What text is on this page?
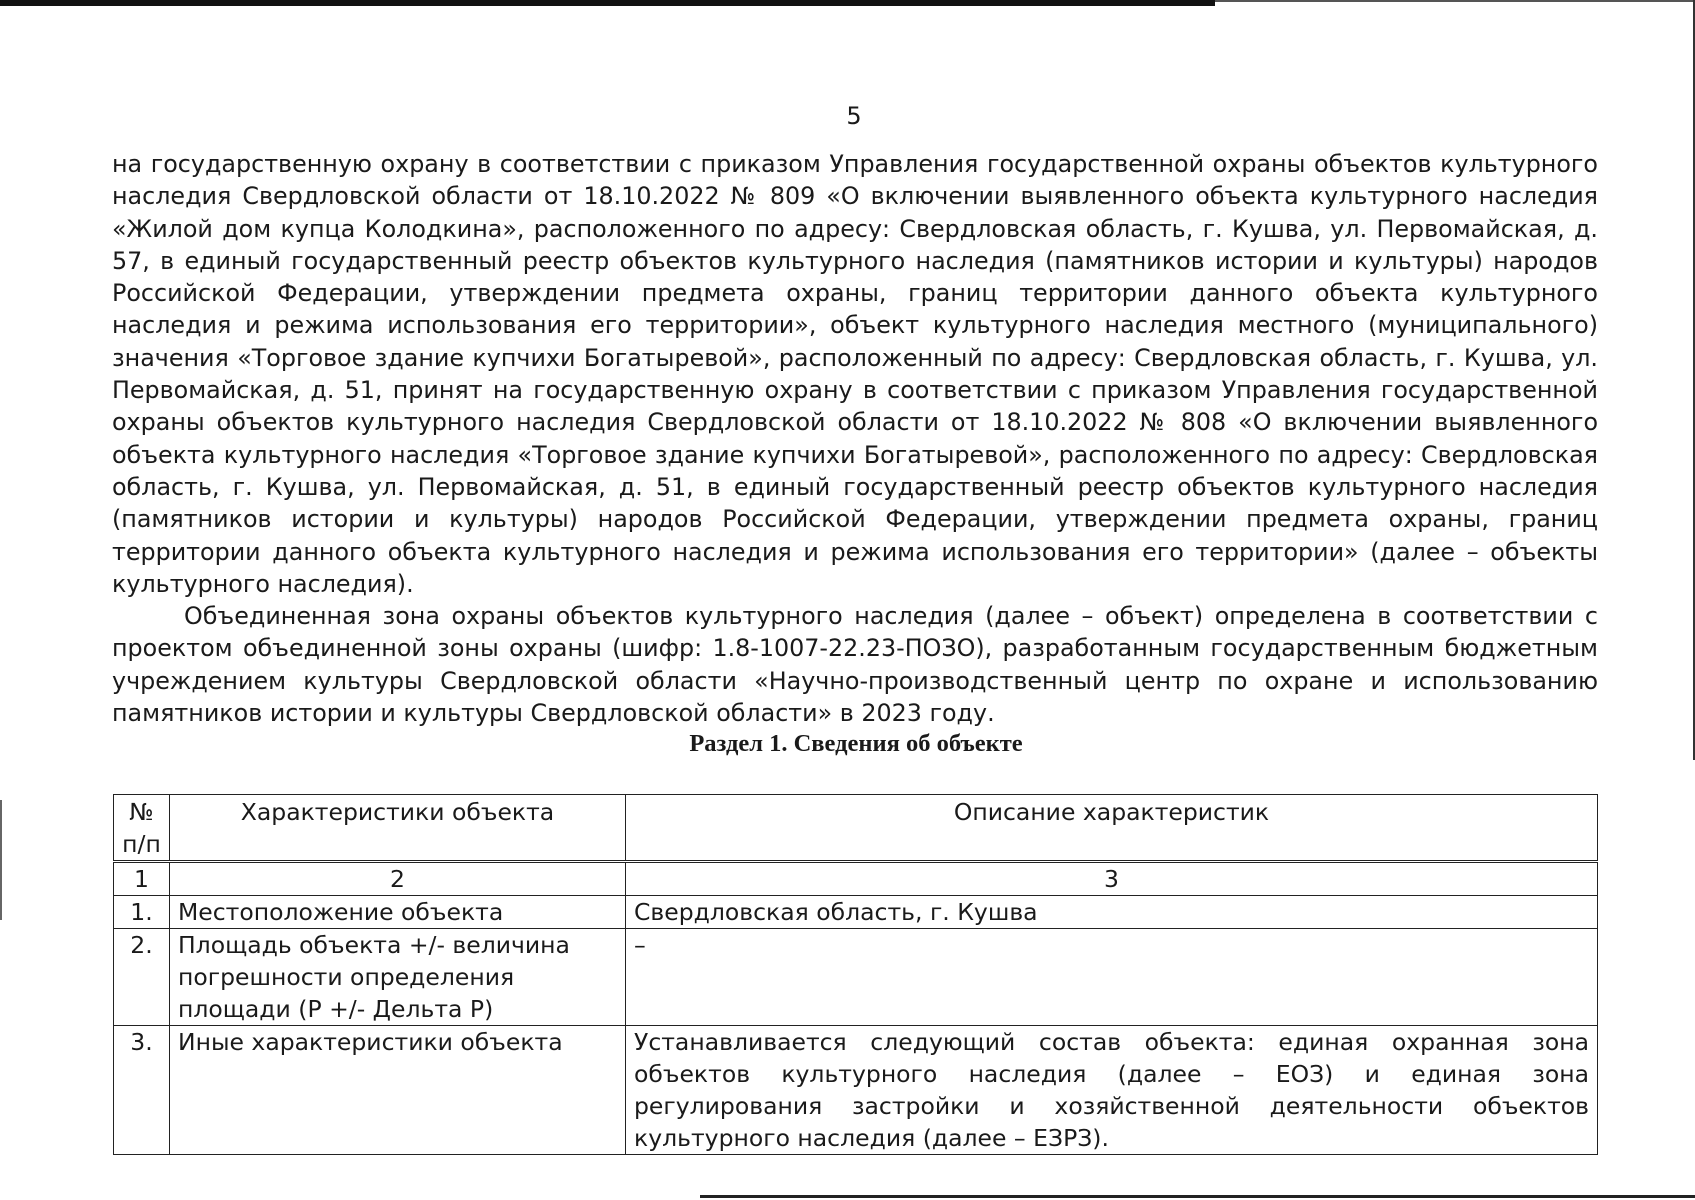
5

на государственную охрану в соответствии с приказом Управления государственной охраны объектов культурного наследия Свердловской области от 18.10.2022 № 809 «О включении выявленного объекта культурного наследия «Жилой дом купца Колодкина», расположенного по адресу: Свердловская область, г. Кушва, ул. Первомайская, д. 57, в единый государственный реестр объектов культурного наследия (памятников истории и культуры) народов Российской Федерации, утверждении предмета охраны, границ территории данного объекта культурного наследия и режима использования его территории», объект культурного наследия местного (муниципального) значения «Торговое здание купчихи Богатыревой», расположенный по адресу: Свердловская область, г. Кушва, ул. Первомайская, д. 51, принят на государственную охрану в соответствии с приказом Управления государственной охраны объектов культурного наследия Свердловской области от 18.10.2022 № 808 «О включении выявленного объекта культурного наследия «Торговое здание купчихи Богатыревой», расположенного по адресу: Свердловская область, г. Кушва, ул. Первомайская, д. 51, в единый государственный реестр объектов культурного наследия (памятников истории и культуры) народов Российской Федерации, утверждении предмета охраны, границ территории данного объекта культурного наследия и режима использования его территории» (далее – объекты культурного наследия).

Объединенная зона охраны объектов культурного наследия (далее – объект) определена в соответствии с проектом объединенной зоны охраны (шифр: 1.8-1007-22.23-ПОЗО), разработанным государственным бюджетным учреждением культуры Свердловской области «Научно-производственный центр по охране и использованию памятников истории и культуры Свердловской области» в 2023 году.

Раздел 1. Сведения об объекте
№ п/п	Характеристики объекта	Описание характеристик
1	2	3
1.	Местоположение объекта	Свердловская область, г. Кушва
2.	Площадь объекта +/- величина погрешности определения площади (Р +/- Дельта Р)	–
3.	Иные характеристики объекта	Устанавливается следующий состав объекта: единая охранная зона объектов культурного наследия (далее – ЕОЗ) и единая зона регулирования застройки и хозяйственной деятельности объектов культурного наследия (далее – ЕЗРЗ).
